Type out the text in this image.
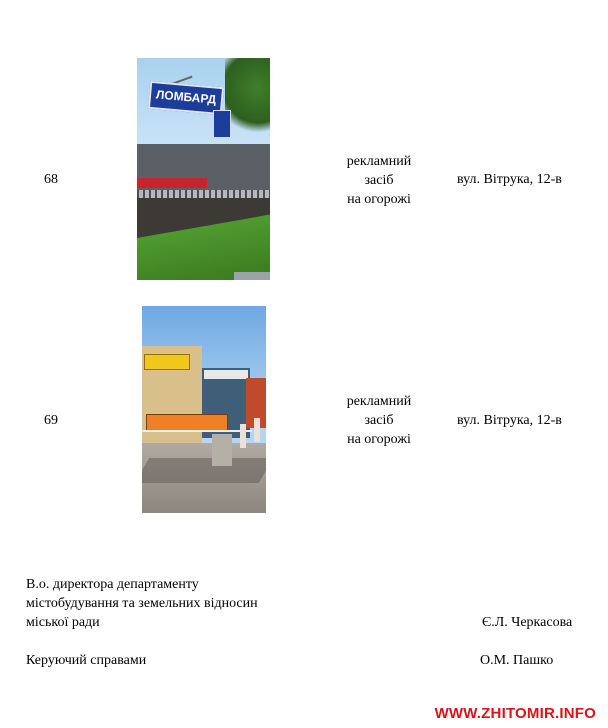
68
ЛОМБАРД
рекламний
засіб
на огорожі
вул. Вітрука, 12-в
69
рекламний
засіб
на огорожі
вул. Вітрука, 12-в
В.о. директора департаменту
містобудування та земельних відносин
міської ради	Є.Л. Черкасова
Керуючий справами	О.М. Пашко
WWW.ZHITOMIR.INFO
